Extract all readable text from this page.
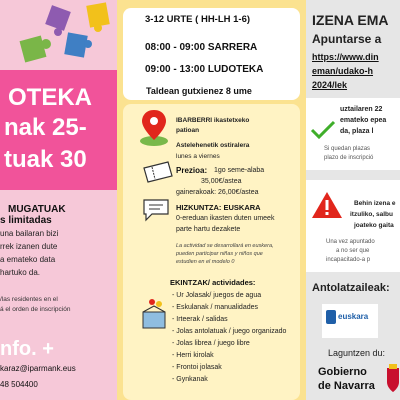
OTEKA
nak 25-
tuak 30
MUGATUAK
s limitadas
una bailaran bizi
rrek izanen dute
a emateko data
hartuko da.
/las residentes en el
á el orden de inscripción
nfo. +
karaz@iparmank.eus
48 504400
3-12 URTE ( HH-LH 1-6)
08:00 - 09:00 SARRERA
09:00 - 13:00 LUDOTEKA
Taldean gutxienez 8 ume
IBARBERRI ikastetxeko
patioan
Astelehenetik ostiralera
lunes a viernes
Prezioa: 1go seme-alaba
35,00€/astea
gainerakoak: 26,00€/astea
HIZKUNTZA: EUSKARA
0-ereduan ikasten duten umeek
parte hartu dezakete
La actividad se desarrollará en euskera,
pueden participar niñas y niños que
estudien en el modelo 0
EKINTZAK/ actividades:
- Ur Jolasak/ juegos de agua
- Eskulanak / manualidades
- Irteerak / salidas
- Jolas antolatuak / juego organizado
- Jolas librea / juego libre
- Herri kirolak
- Frontoi jolasak
- Gynkanak
IZENA EMA
Apuntarse a
https://www.din
eman/udako-h
2024/lek
uztailaren 22
emateko epea
da, plaza l
Si quedan plazas
plazo de inscripció
Behin izena e
itzuliko, salbu
joateko gaita
Una vez apuntado
a no ser que
incapacitado-a p
Antolatzaileak:
euskara
Laguntzen du:
Gobierno
de Navarra
